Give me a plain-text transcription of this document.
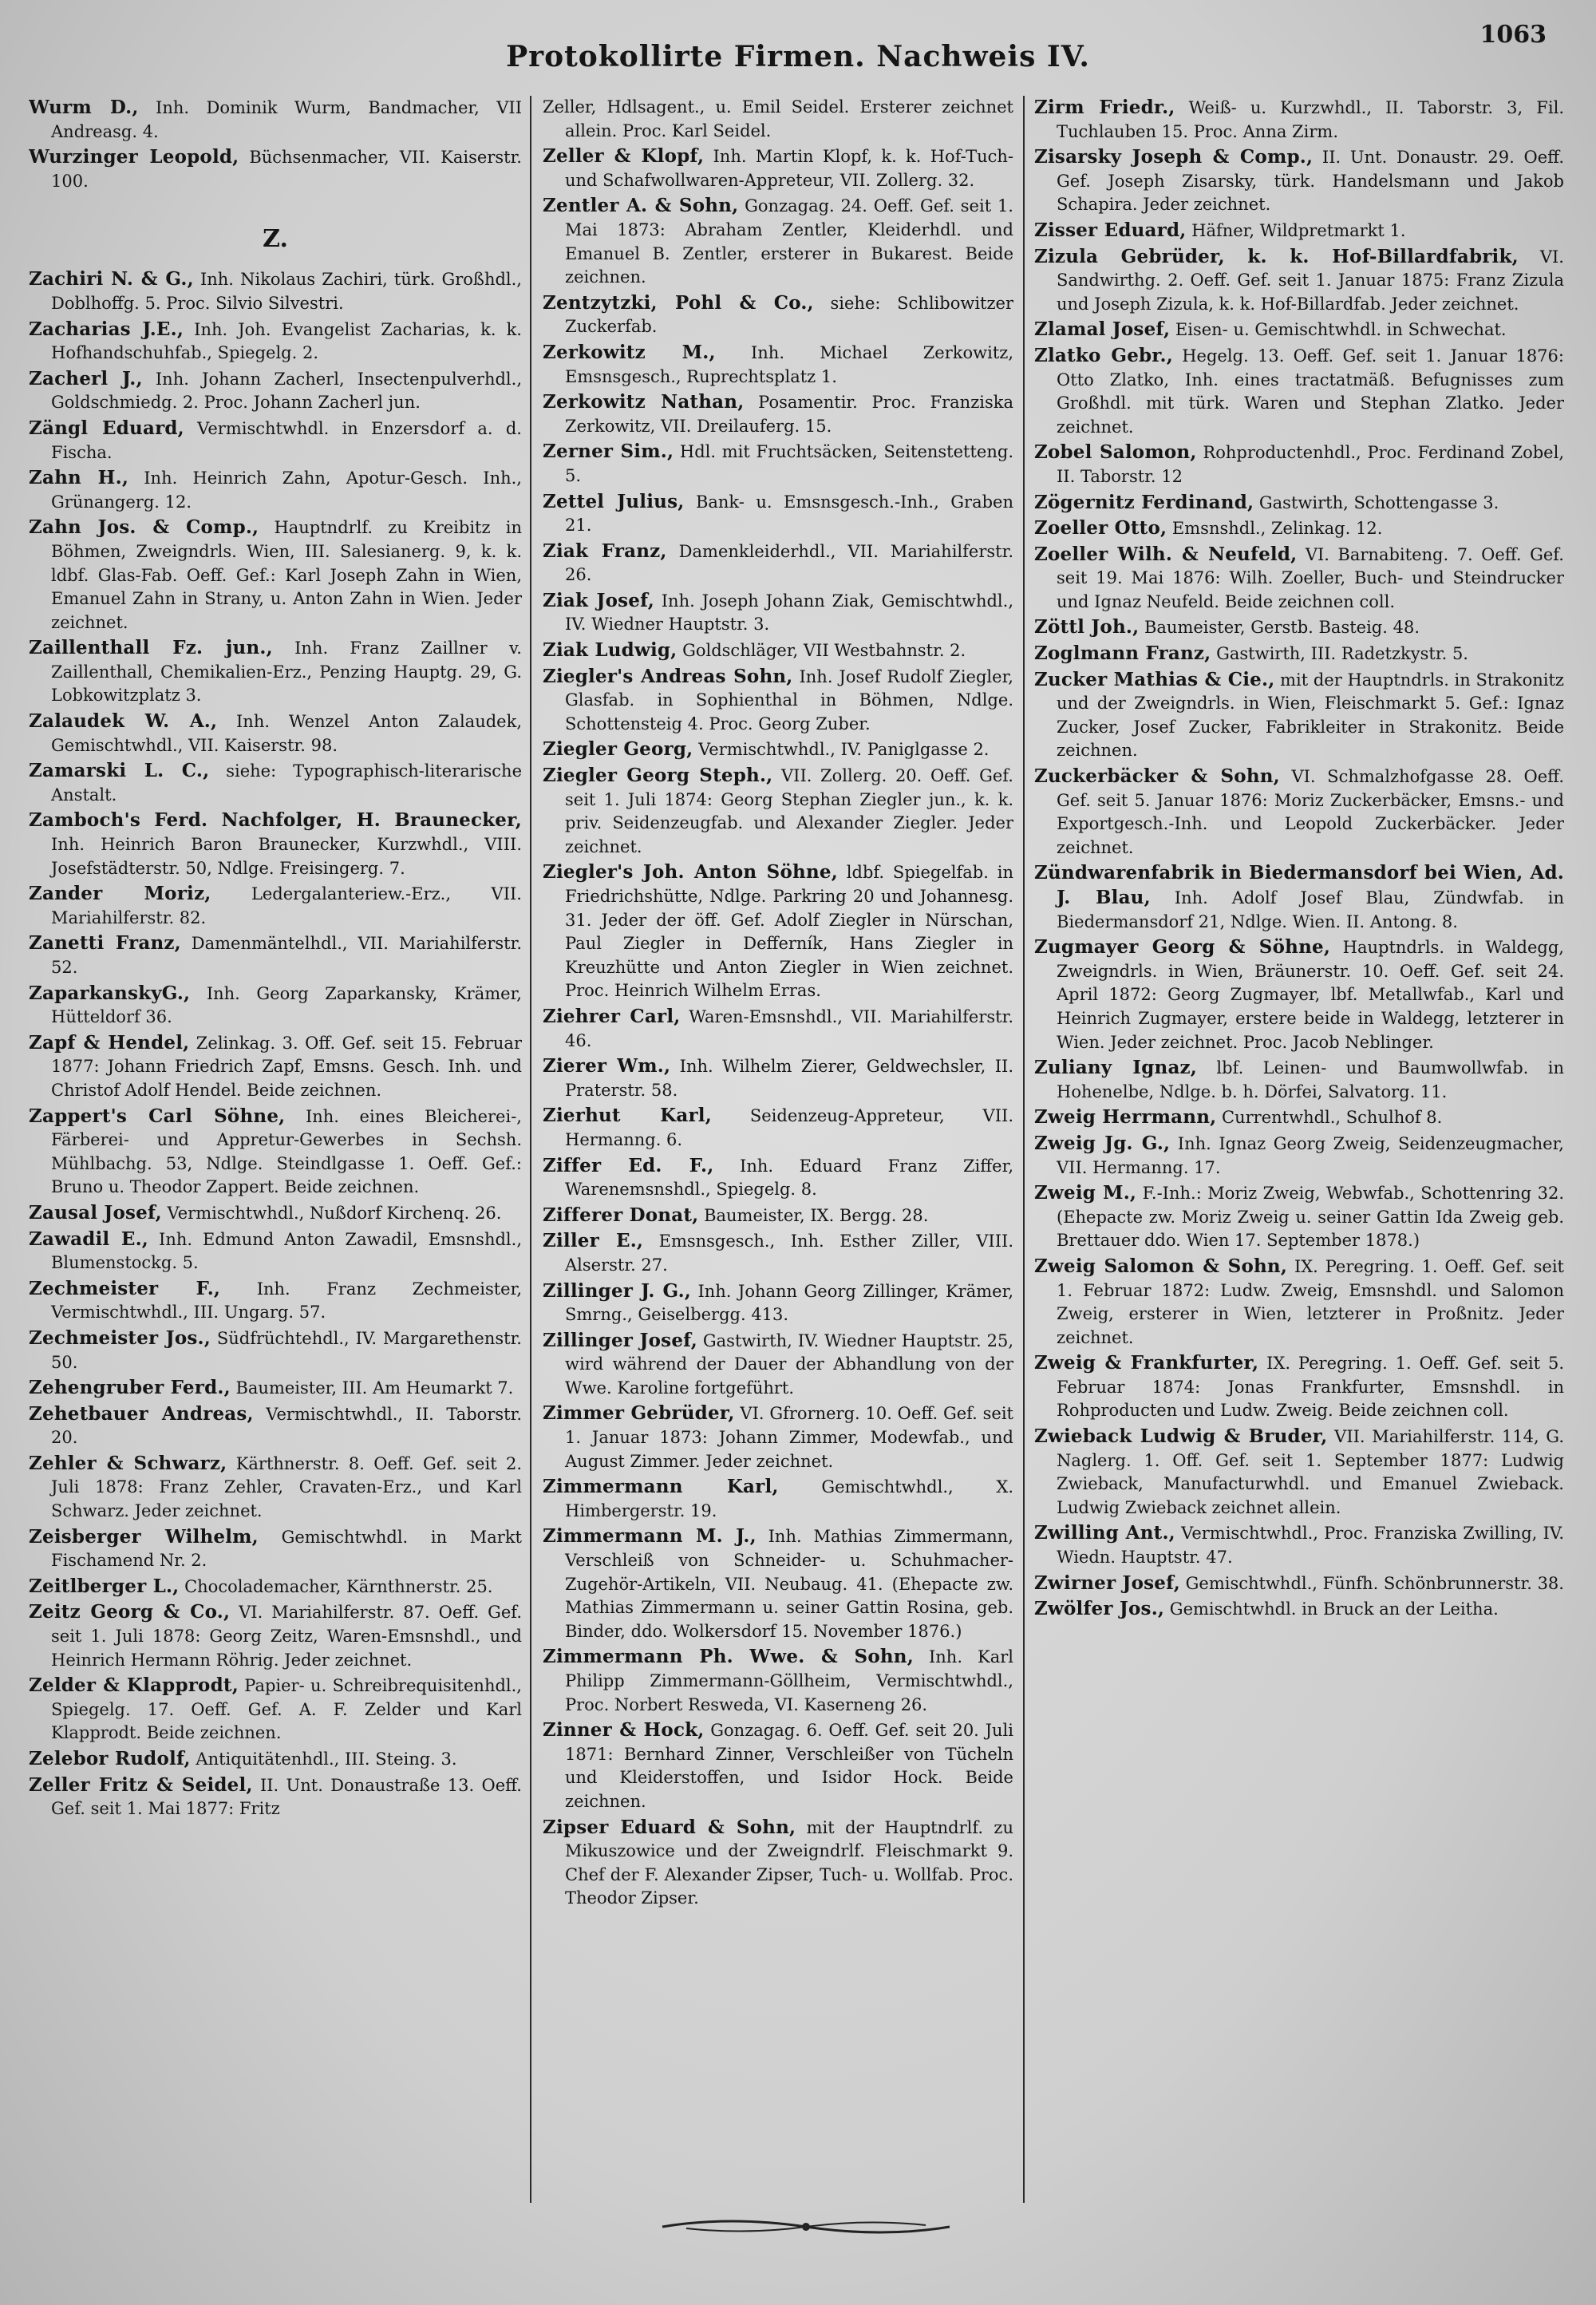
1063
Protokollirte Firmen. Nachweis IV.

Wurm D., Inh. Dominik Wurm, Bandmacher, VII Andreasg. 4.

Wurzinger Leopold, Büchsenmacher, VII. Kaiserstr. 100.

Z.

Zachiri N. & G., Inh. Nikolaus Zachiri, türk. Großhdl., Doblhoffg. 5. Proc. Silvio Silvestri.

Zacharias J.E., Inh. Joh. Evangelist Zacharias, k. k. Hofhandschuhfab., Spiegelg. 2.

Zacherl J., Inh. Johann Zacherl, Insectenpulverhdl., Goldschmiedg. 2. Proc. Johann Zacherl jun.

Zängl Eduard, Vermischtwhdl. in Enzersdorf a. d. Fischa.

Zahn H., Inh. Heinrich Zahn, Apotur-Gesch. Inh., Grünangerg. 12.

Zahn Jos. & Comp., Hauptndrlf. zu Kreibitz in Böhmen, Zweigndrls. Wien, III. Salesianerg. 9, k. k. ldbf. Glas-Fab. Oeff. Gef.: Karl Joseph Zahn in Wien, Emanuel Zahn in Strany, u. Anton Zahn in Wien. Jeder zeichnet.

Zaillenthall Fz. jun., Inh. Franz Zaillner v. Zaillenthall, Chemikalien-Erz., Penzing Hauptg. 29, G. Lobkowitzplatz 3.

Zalaudek W. A., Inh. Wenzel Anton Zalaudek, Gemischtwhdl., VII. Kaiserstr. 98.

Zamarski L. C., siehe: Typographisch-literarische Anstalt.

Zamboch's Ferd. Nachfolger, H. Braunecker, Inh. Heinrich Baron Braunecker, Kurzwhdl., VIII. Josefstädterstr. 50, Ndlge. Freisingerg. 7.

Zander Moriz, Ledergalanteriew.-Erz., VII. Mariahilferstr. 82.

Zanetti Franz, Damenmäntelhdl., VII. Mariahilferstr. 52.

ZaparkanskyG., Inh. Georg Zaparkansky, Krämer, Hütteldorf 36.

Zapf & Hendel, Zelinkag. 3. Off. Gef. seit 15. Februar 1877: Johann Friedrich Zapf, Emsns. Gesch. Inh. und Christof Adolf Hendel. Beide zeichnen.

Zappert's Carl Söhne, Inh. eines Bleicherei-, Färberei- und Appretur-Gewerbes in Sechsh. Mühlbachg. 53, Ndlge. Steindlgasse 1. Oeff. Gef.: Bruno u. Theodor Zappert. Beide zeichnen.

Zausal Josef, Vermischtwhdl., Nußdorf Kirchenq. 26.

Zawadil E., Inh. Edmund Anton Zawadil, Emsnshdl., Blumenstockg. 5.

Zechmeister F., Inh. Franz Zechmeister, Vermischtwhdl., III. Ungarg. 57.

Zechmeister Jos., Südfrüchtehdl., IV. Margarethenstr. 50.

Zehengruber Ferd., Baumeister, III. Am Heumarkt 7.

Zehetbauer Andreas, Vermischtwhdl., II. Taborstr. 20.

Zehler & Schwarz, Kärthnerstr. 8. Oeff. Gef. seit 2. Juli 1878: Franz Zehler, Cravaten-Erz., und Karl Schwarz. Jeder zeichnet.

Zeisberger Wilhelm, Gemischtwhdl. in Markt Fischamend Nr. 2.

Zeitlberger L., Chocolademacher, Kärnthnerstr. 25.

Zeitz Georg & Co., VI. Mariahilferstr. 87. Oeff. Gef. seit 1. Juli 1878: Georg Zeitz, Waren-Emsnshdl., und Heinrich Hermann Röhrig. Jeder zeichnet.

Zelder & Klapprodt, Papier- u. Schreibrequisitenhdl., Spiegelg. 17. Oeff. Gef. A. F. Zelder und Karl Klapprodt. Beide zeichnen.

Zelebor Rudolf, Antiquitätenhdl., III. Steing. 3.

Zeller Fritz & Seidel, II. Unt. Donaustraße 13. Oeff. Gef. seit 1. Mai 1877: Fritz

Zeller, Hdlsagent., u. Emil Seidel. Ersterer zeichnet allein. Proc. Karl Seidel.

Zeller & Klopf, Inh. Martin Klopf, k. k. Hof-Tuch- und Schafwollwaren-Appreteur, VII. Zollerg. 32.

Zentler A. & Sohn, Gonzagag. 24. Oeff. Gef. seit 1. Mai 1873: Abraham Zentler, Kleiderhdl. und Emanuel B. Zentler, ersterer in Bukarest. Beide zeichnen.

Zentzytzki, Pohl & Co., siehe: Schlibowitzer Zuckerfab.

Zerkowitz M., Inh. Michael Zerkowitz, Emsnsgesch., Ruprechtsplatz 1.

Zerkowitz Nathan, Posamentir. Proc. Franziska Zerkowitz, VII. Dreilauferg. 15.

Zerner Sim., Hdl. mit Fruchtsäcken, Seitenstetteng. 5.

Zettel Julius, Bank- u. Emsnsgesch.-Inh., Graben 21.

Ziak Franz, Damenkleiderhdl., VII. Mariahilferstr. 26.

Ziak Josef, Inh. Joseph Johann Ziak, Gemischtwhdl., IV. Wiedner Hauptstr. 3.

Ziak Ludwig, Goldschläger, VII Westbahnstr. 2.

Ziegler's Andreas Sohn, Inh. Josef Rudolf Ziegler, Glasfab. in Sophienthal in Böhmen, Ndlge. Schottensteig 4. Proc. Georg Zuber.

Ziegler Georg, Vermischtwhdl., IV. Paniglgasse 2.

Ziegler Georg Steph., VII. Zollerg. 20. Oeff. Gef. seit 1. Juli 1874: Georg Stephan Ziegler jun., k. k. priv. Seidenzeugfab. und Alexander Ziegler. Jeder zeichnet.

Ziegler's Joh. Anton Söhne, ldbf. Spiegelfab. in Friedrichshütte, Ndlge. Parkring 20 und Johannesg. 31. Jeder der öff. Gef. Adolf Ziegler in Nürschan, Paul Ziegler in Defferník, Hans Ziegler in Kreuzhütte und Anton Ziegler in Wien zeichnet. Proc. Heinrich Wilhelm Erras.

Ziehrer Carl, Waren-Emsnshdl., VII. Mariahilferstr. 46.

Zierer Wm., Inh. Wilhelm Zierer, Geldwechsler, II. Praterstr. 58.

Zierhut Karl, Seidenzeug-Appreteur, VII. Hermanng. 6.

Ziffer Ed. F., Inh. Eduard Franz Ziffer, Warenemsnshdl., Spiegelg. 8.

Zifferer Donat, Baumeister, IX. Bergg. 28.

Ziller E., Emsnsgesch., Inh. Esther Ziller, VIII. Alserstr. 27.

Zillinger J. G., Inh. Johann Georg Zillinger, Krämer, Smrng., Geiselbergg. 413.

Zillinger Josef, Gastwirth, IV. Wiedner Hauptstr. 25, wird während der Dauer der Abhandlung von der Wwe. Karoline fortgeführt.

Zimmer Gebrüder, VI. Gfrornerg. 10. Oeff. Gef. seit 1. Januar 1873: Johann Zimmer, Modewfab., und August Zimmer. Jeder zeichnet.

Zimmermann Karl,	Gemischtwhdl., X. Himbergerstr. 19.

Zimmermann M. J., Inh. Mathias Zimmermann, Verschleiß von Schneider- u. Schuhmacher-Zugehör-Artikeln, VII. Neubaug. 41. (Ehepacte zw. Mathias Zimmermann u. seiner Gattin Rosina, geb. Binder, ddo. Wolkersdorf 15. November 1876.)

Zimmermann Ph. Wwe. & Sohn, Inh. Karl Philipp Zimmermann-Göllheim, Vermischtwhdl., Proc. Norbert Resweda, VI. Kaserneng 26.

Zinner & Hock, Gonzagag. 6. Oeff. Gef. seit 20. Juli 1871: Bernhard Zinner, Verschleißer von Tücheln und Kleiderstoffen, und Isidor Hock. Beide zeichnen.

Zipser Eduard & Sohn, mit der Hauptndrlf. zu Mikuszowice und der Zweigndrlf. Fleischmarkt 9. Chef der F. Alexander Zipser, Tuch- u. Wollfab. Proc. Theodor Zipser.

Zirm Friedr., Weiß- u. Kurzwhdl., II. Taborstr. 3, Fil. Tuchlauben 15. Proc. Anna Zirm.

Zisarsky Joseph & Comp., II. Unt. Donaustr. 29. Oeff. Gef. Joseph Zisarsky, türk. Handelsmann und Jakob Schapira. Jeder zeichnet.

Zisser Eduard, Häfner, Wildpretmarkt 1.

Zizula Gebrüder, k. k. Hof-Billardfabrik, VI. Sandwirthg. 2. Oeff. Gef. seit 1. Januar 1875: Franz Zizula und Joseph Zizula, k. k. Hof-Billardfab. Jeder zeichnet.

Zlamal Josef, Eisen- u. Gemischtwhdl. in Schwechat.

Zlatko Gebr., Hegelg. 13. Oeff. Gef. seit 1. Januar 1876: Otto Zlatko, Inh. eines tractatmäß. Befugnisses zum Großhdl. mit türk. Waren und Stephan Zlatko. Jeder zeichnet.

Zobel Salomon, Rohproductenhdl., Proc. Ferdinand Zobel, II. Taborstr. 12

Zögernitz Ferdinand, Gastwirth, Schottengasse 3.

Zoeller Otto, Emsnshdl., Zelinkag. 12.

Zoeller Wilh. & Neufeld, VI. Barnabiteng. 7. Oeff. Gef. seit 19. Mai 1876: Wilh. Zoeller, Buch- und Steindrucker und Ignaz Neufeld. Beide zeichnen coll.

Zöttl Joh., Baumeister, Gerstb. Basteig. 48.

Zoglmann Franz, Gastwirth, III. Radetzkystr. 5.

Zucker Mathias & Cie., mit der Hauptndrls. in Strakonitz und der Zweigndrls. in Wien, Fleischmarkt 5. Gef.: Ignaz Zucker, Josef Zucker, Fabrikleiter in Strakonitz. Beide zeichnen.

Zuckerbäcker & Sohn, VI. Schmalzhofgasse 28. Oeff. Gef. seit 5. Januar 1876: Moriz Zuckerbäcker, Emsns.- und Exportgesch.-Inh. und Leopold Zuckerbäcker. Jeder zeichnet.

Zündwarenfabrik in Biedermansdorf bei Wien, Ad. J. Blau, Inh. Adolf Josef Blau, Zündwfab. in Biedermansdorf 21, Ndlge. Wien. II. Antong. 8.

Zugmayer Georg & Söhne, Hauptndrls. in Waldegg, Zweigndrls. in Wien, Bräunerstr. 10. Oeff. Gef. seit 24. April 1872: Georg Zugmayer, lbf. Metallwfab., Karl und Heinrich Zugmayer, erstere beide in Waldegg, letzterer in Wien. Jeder zeichnet. Proc. Jacob Neblinger.

Zuliany Ignaz, lbf. Leinen- und Baumwollwfab. in Hohenelbe, Ndlge. b. h. Dörfei, Salvatorg. 11.

Zweig Herrmann, Currentwhdl., Schulhof 8.

Zweig Jg. G., Inh. Ignaz Georg Zweig, Seidenzeugmacher, VII. Hermanng. 17.

Zweig M., F.-Inh.: Moriz Zweig, Webwfab., Schottenring 32. (Ehepacte zw. Moriz Zweig u. seiner Gattin Ida Zweig geb. Brettauer ddo. Wien 17. September 1878.)

Zweig Salomon & Sohn, IX. Peregring. 1. Oeff. Gef. seit 1. Februar 1872: Ludw. Zweig, Emsnshdl. und Salomon Zweig, ersterer in Wien, letzterer in Proßnitz. Jeder zeichnet.

Zweig & Frankfurter, IX. Peregring. 1. Oeff. Gef. seit 5. Februar 1874: Jonas Frankfurter, Emsnshdl. in Rohproducten und Ludw. Zweig. Beide zeichnen coll.

Zwieback Ludwig & Bruder, VII. Mariahilferstr. 114, G. Naglerg. 1. Off. Gef. seit 1. September 1877: Ludwig Zwieback, Manufacturwhdl. und Emanuel Zwieback. Ludwig Zwieback zeichnet allein.

Zwilling Ant., Vermischtwhdl., Proc. Franziska Zwilling, IV. Wiedn. Hauptstr. 47.

Zwirner Josef, Gemischtwhdl., Fünfh. Schönbrunnerstr. 38.

Zwölfer Jos., Gemischtwhdl. in Bruck an der Leitha.
